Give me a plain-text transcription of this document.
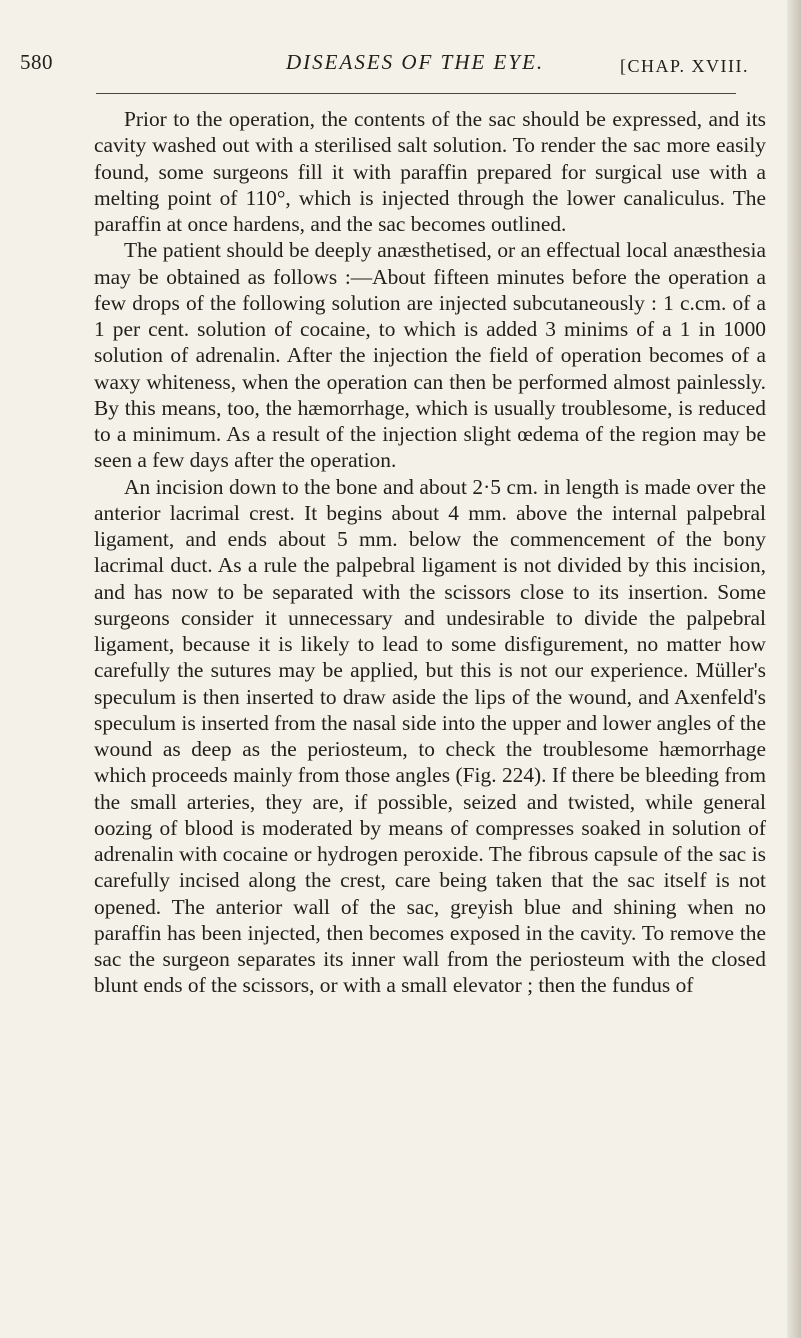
580	DISEASES OF THE EYE.	[CHAP. XVIII.

Prior to the operation, the contents of the sac should be expressed, and its cavity washed out with a sterilised salt solution. To render the sac more easily found, some surgeons fill it with paraffin prepared for surgical use with a melting point of 110°, which is injected through the lower canaliculus. The paraffin at once hardens, and the sac becomes outlined.

The patient should be deeply anæsthetised, or an effectual local anæsthesia may be obtained as follows :—About fifteen minutes before the operation a few drops of the following solution are injected subcutaneously : 1 c.cm. of a 1 per cent. solution of cocaine, to which is added 3 minims of a 1 in 1000 solution of adrenalin. After the injection the field of operation becomes of a waxy whiteness, when the operation can then be performed almost painlessly. By this means, too, the hæmorrhage, which is usually troublesome, is reduced to a minimum. As a result of the injection slight œdema of the region may be seen a few days after the operation.

An incision down to the bone and about 2·5 cm. in length is made over the anterior lacrimal crest. It begins about 4 mm. above the internal palpebral ligament, and ends about 5 mm. below the commencement of the bony lacrimal duct. As a rule the palpebral ligament is not divided by this incision, and has now to be separated with the scissors close to its insertion. Some surgeons consider it unnecessary and undesirable to divide the palpebral ligament, because it is likely to lead to some disfigurement, no matter how carefully the sutures may be applied, but this is not our experience. Müller's speculum is then inserted to draw aside the lips of the wound, and Axenfeld's speculum is inserted from the nasal side into the upper and lower angles of the wound as deep as the periosteum, to check the troublesome hæmorrhage which proceeds mainly from those angles (Fig. 224). If there be bleeding from the small arteries, they are, if possible, seized and twisted, while general oozing of blood is moderated by means of compresses soaked in solution of adrenalin with cocaine or hydrogen peroxide. The fibrous capsule of the sac is carefully incised along the crest, care being taken that the sac itself is not opened. The anterior wall of the sac, greyish blue and shining when no paraffin has been injected, then becomes exposed in the cavity. To remove the sac the surgeon separates its inner wall from the periosteum with the closed blunt ends of the scissors, or with a small elevator ; then the fundus of
